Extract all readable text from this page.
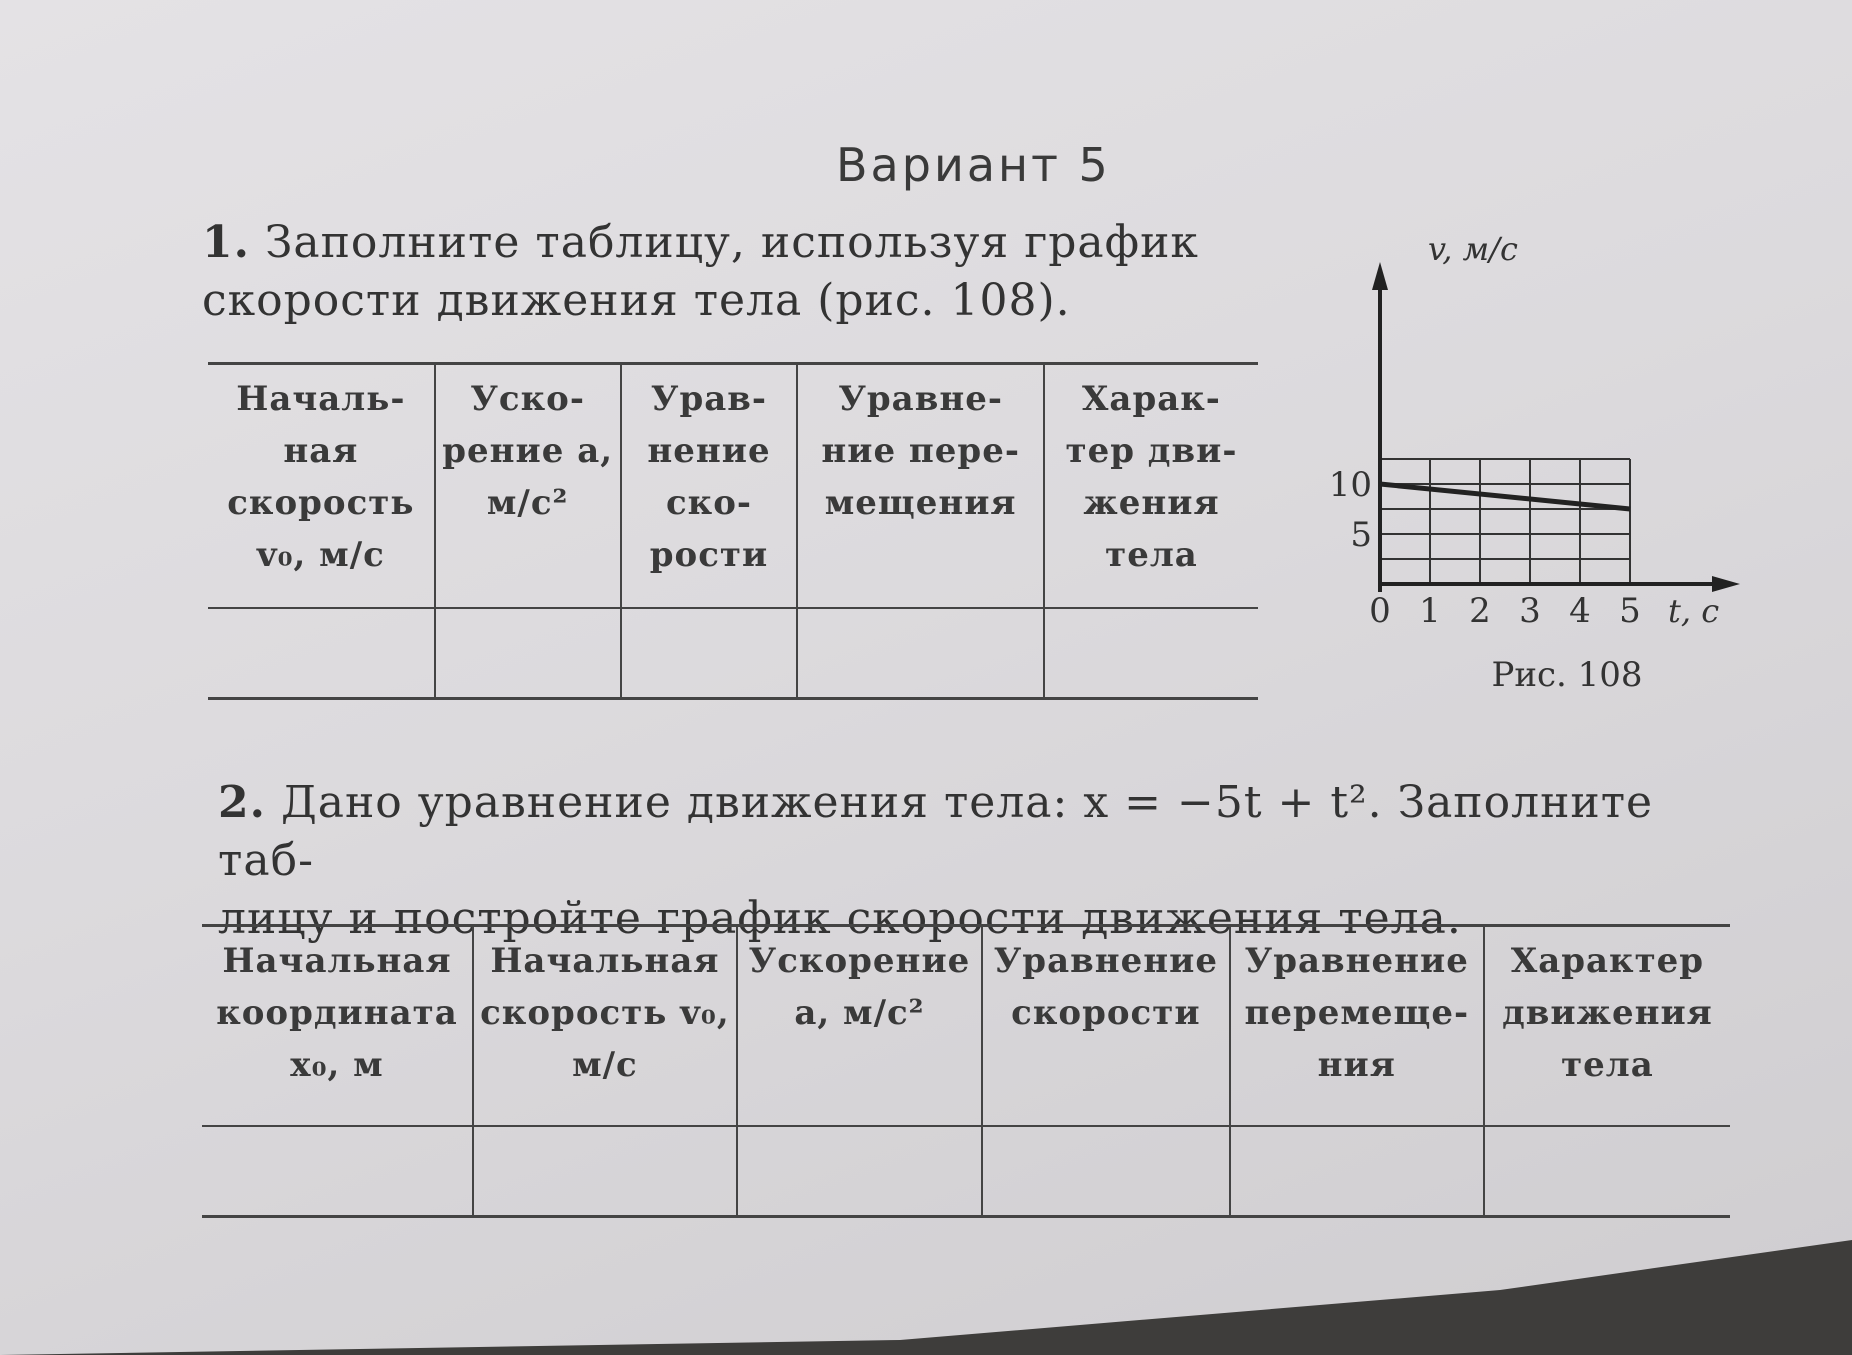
Вариант 5
1. Заполните таблицу, используя график
скорости движения тела (рис. 108).
Началь- ная скорость v₀, м/с	Уско- рение a, м/с²	Урав- нение ско- рости	Уравне- ние пере- мещения	Харак- тер дви- жения тела

v, м/с
t, с
5
10
0 1 2 3 4 5
Рис. 108
2. Дано уравнение движения тела: x = −5t + t². Заполните таб-
лицу и постройте график скорости движения тела.
Начальная координата x₀, м	Начальная скорость v₀, м/с	Ускорение a, м/с²	Уравнение скорости	Уравнение перемеще- ния	Характер движения тела
